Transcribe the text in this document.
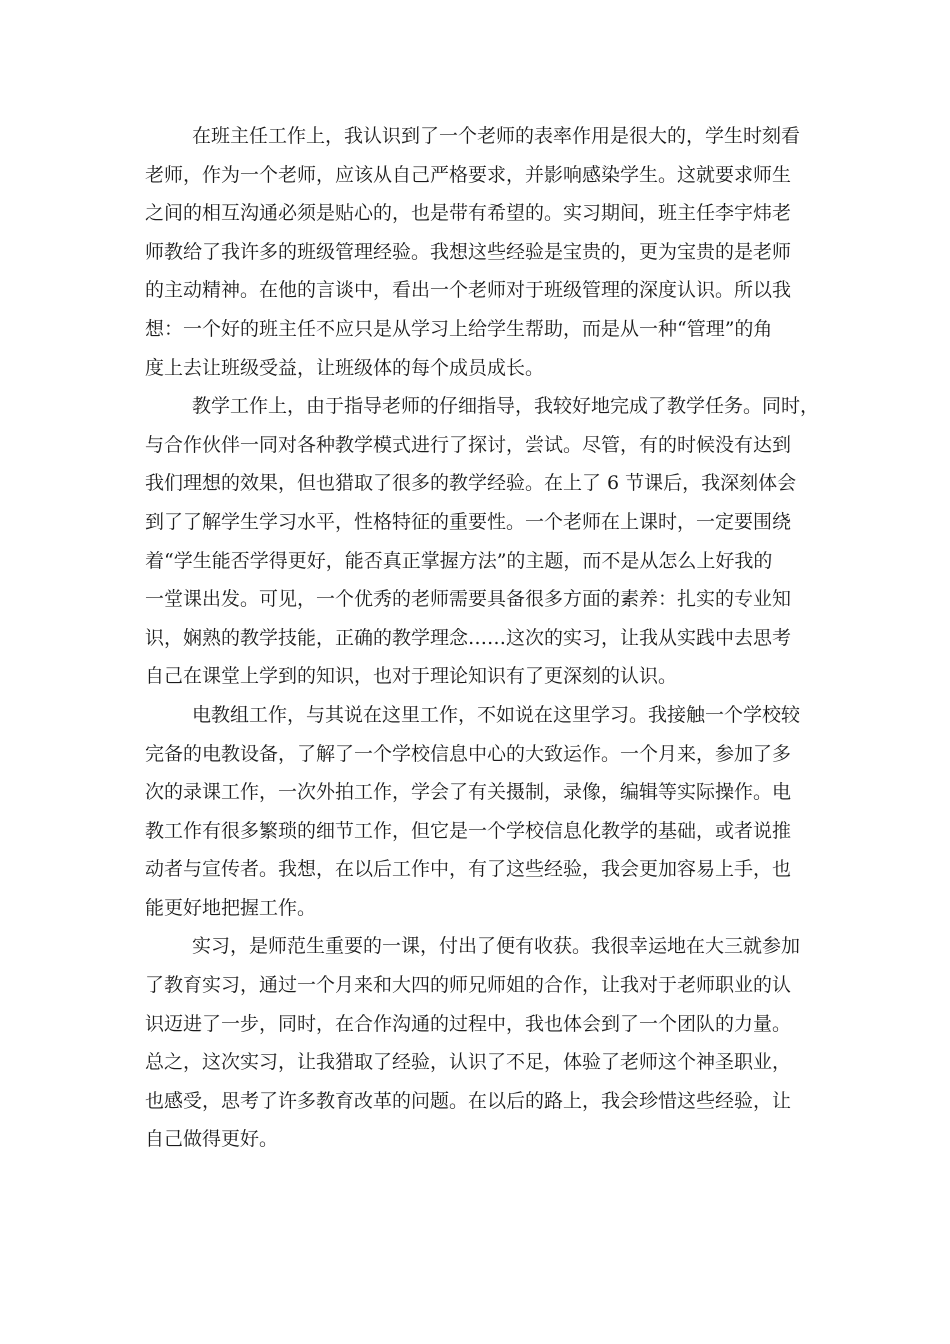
在班主任工作上，我认识到了一个老师的表率作用是很大的，学生时刻看
老师，作为一个老师，应该从自己严格要求，并影响感染学生。这就要求师生
之间的相互沟通必须是贴心的，也是带有希望的。实习期间，班主任李宇炜老
师教给了我许多的班级管理经验。我想这些经验是宝贵的，更为宝贵的是老师
的主动精神。在他的言谈中，看出一个老师对于班级管理的深度认识。所以我
想：一个好的班主任不应只是从学习上给学生帮助，而是从一种“管理”的角
度上去让班级受益，让班级体的每个成员成长。
教学工作上，由于指导老师的仔细指导，我较好地完成了教学任务。同时，
与合作伙伴一同对各种教学模式进行了探讨，尝试。尽管，有的时候没有达到
我们理想的效果，但也猎取了很多的教学经验。在上了 6 节课后，我深刻体会
到了了解学生学习水平，性格特征的重要性。一个老师在上课时，一定要围绕
着“学生能否学得更好，能否真正掌握方法”的主题，而不是从怎么上好我的
一堂课出发。可见，一个优秀的老师需要具备很多方面的素养：扎实的专业知
识，娴熟的教学技能，正确的教学理念……这次的实习，让我从实践中去思考
自己在课堂上学到的知识，也对于理论知识有了更深刻的认识。
电教组工作，与其说在这里工作，不如说在这里学习。我接触一个学校较
完备的电教设备，了解了一个学校信息中心的大致运作。一个月来，参加了多
次的录课工作，一次外拍工作，学会了有关摄制，录像，编辑等实际操作。电
教工作有很多繁琐的细节工作，但它是一个学校信息化教学的基础，或者说推
动者与宣传者。我想，在以后工作中，有了这些经验，我会更加容易上手，也
能更好地把握工作。
实习，是师范生重要的一课，付出了便有收获。我很幸运地在大三就参加
了教育实习，通过一个月来和大四的师兄师姐的合作，让我对于老师职业的认
识迈进了一步，同时，在合作沟通的过程中，我也体会到了一个团队的力量。
总之，这次实习，让我猎取了经验，认识了不足，体验了老师这个神圣职业，
也感受，思考了许多教育改革的问题。在以后的路上，我会珍惜这些经验，让
自己做得更好。
